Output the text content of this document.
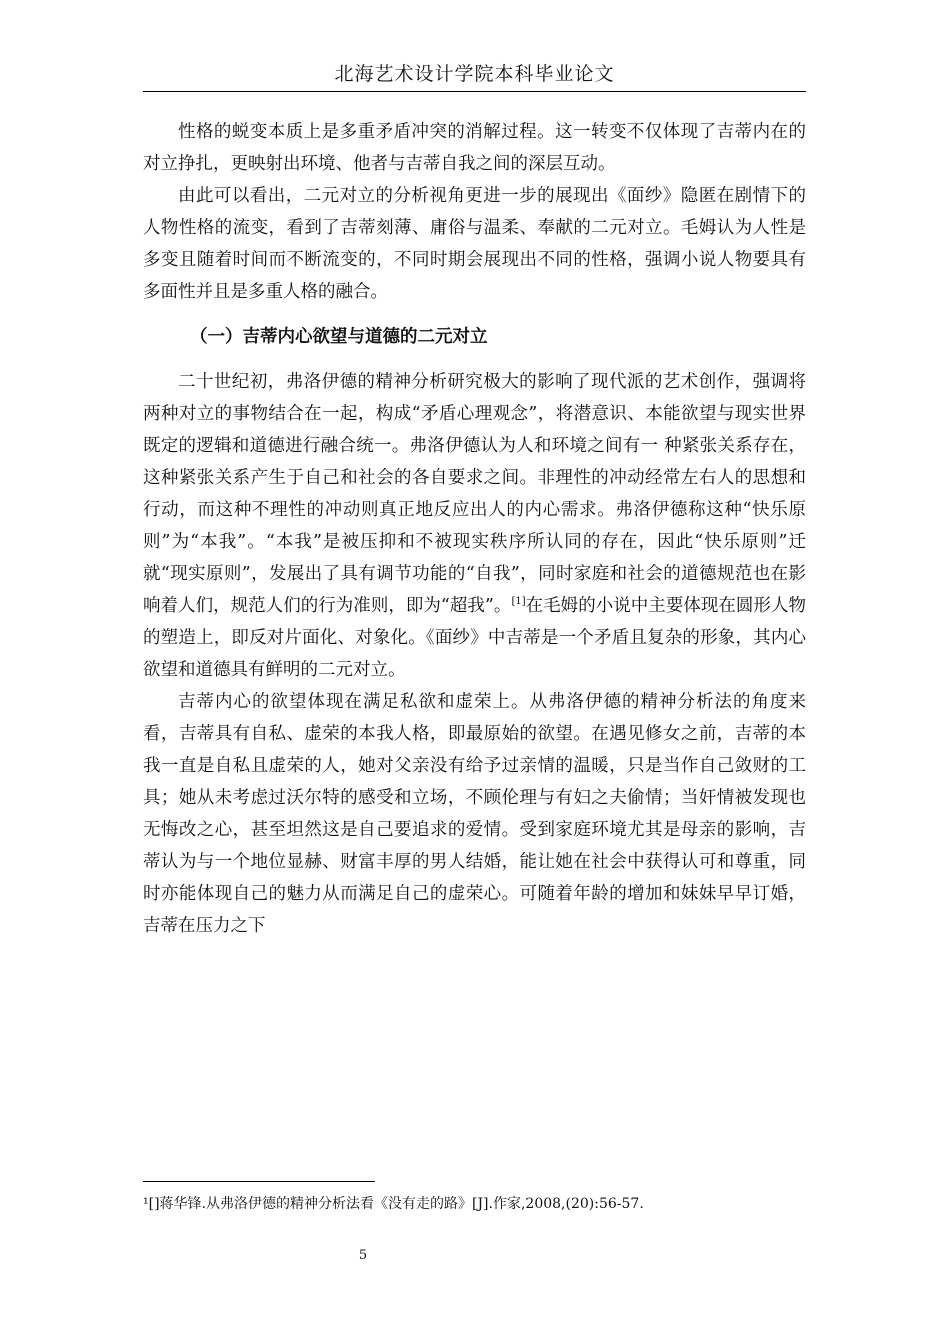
北海艺术设计学院本科毕业论文

性格的蜕变本质上是多重矛盾冲突的消解过程。这一转变不仅体现了吉蒂内在的对立挣扎，更映射出环境、他者与吉蒂自我之间的深层互动。

由此可以看出，二元对立的分析视角更进一步的展现出《面纱》隐匿在剧情下的人物性格的流变，看到了吉蒂刻薄、庸俗与温柔、奉献的二元对立。毛姆认为人性是多变且随着时间而不断流变的，不同时期会展现出不同的性格，强调小说人物要具有多面性并且是多重人格的融合。

（一）吉蒂内心欲望与道德的二元对立

二十世纪初，弗洛伊德的精神分析研究极大的影响了现代派的艺术创作，强调将两种对立的事物结合在一起，构成“矛盾心理观念”，将潜意识、本能欲望与现实世界既定的逻辑和道德进行融合统一。弗洛伊德认为人和环境之间有一 种紧张关系存在，这种紧张关系产生于自己和社会的各自要求之间。非理性的冲动经常左右人的思想和行动，而这种不理性的冲动则真正地反应出人的内心需求。弗洛伊德称这种“快乐原则”为“本我”。“本我”是被压抑和不被现实秩序所认同的存在，因此“快乐原则”迁就“现实原则”，发展出了具有调节功能的“自我”，同时家庭和社会的道德规范也在影响着人们，规范人们的行为准则，即为“超我”。[1]在毛姆的小说中主要体现在圆形人物的塑造上，即反对片面化、对象化。《面纱》中吉蒂是一个矛盾且复杂的形象，其内心欲望和道德具有鲜明的二元对立。

吉蒂内心的欲望体现在满足私欲和虚荣上。从弗洛伊德的精神分析法的角度来看，吉蒂具有自私、虚荣的本我人格，即最原始的欲望。在遇见修女之前，吉蒂的本我一直是自私且虚荣的人，她对父亲没有给予过亲情的温暖，只是当作自己敛财的工具；她从未考虑过沃尔特的感受和立场，不顾伦理与有妇之夫偷情；当奸情被发现也无悔改之心，甚至坦然这是自己要追求的爱情。受到家庭环境尤其是母亲的影响，吉蒂认为与一个地位显赫、财富丰厚的男人结婚，能让她在社会中获得认可和尊重，同时亦能体现自己的魅力从而满足自己的虚荣心。可随着年龄的增加和妹妹早早订婚，吉蒂在压力之下

¹[]蒋华锋.从弗洛伊德的精神分析法看《没有走的路》[J].作家,2008,(20):56-57.
5
